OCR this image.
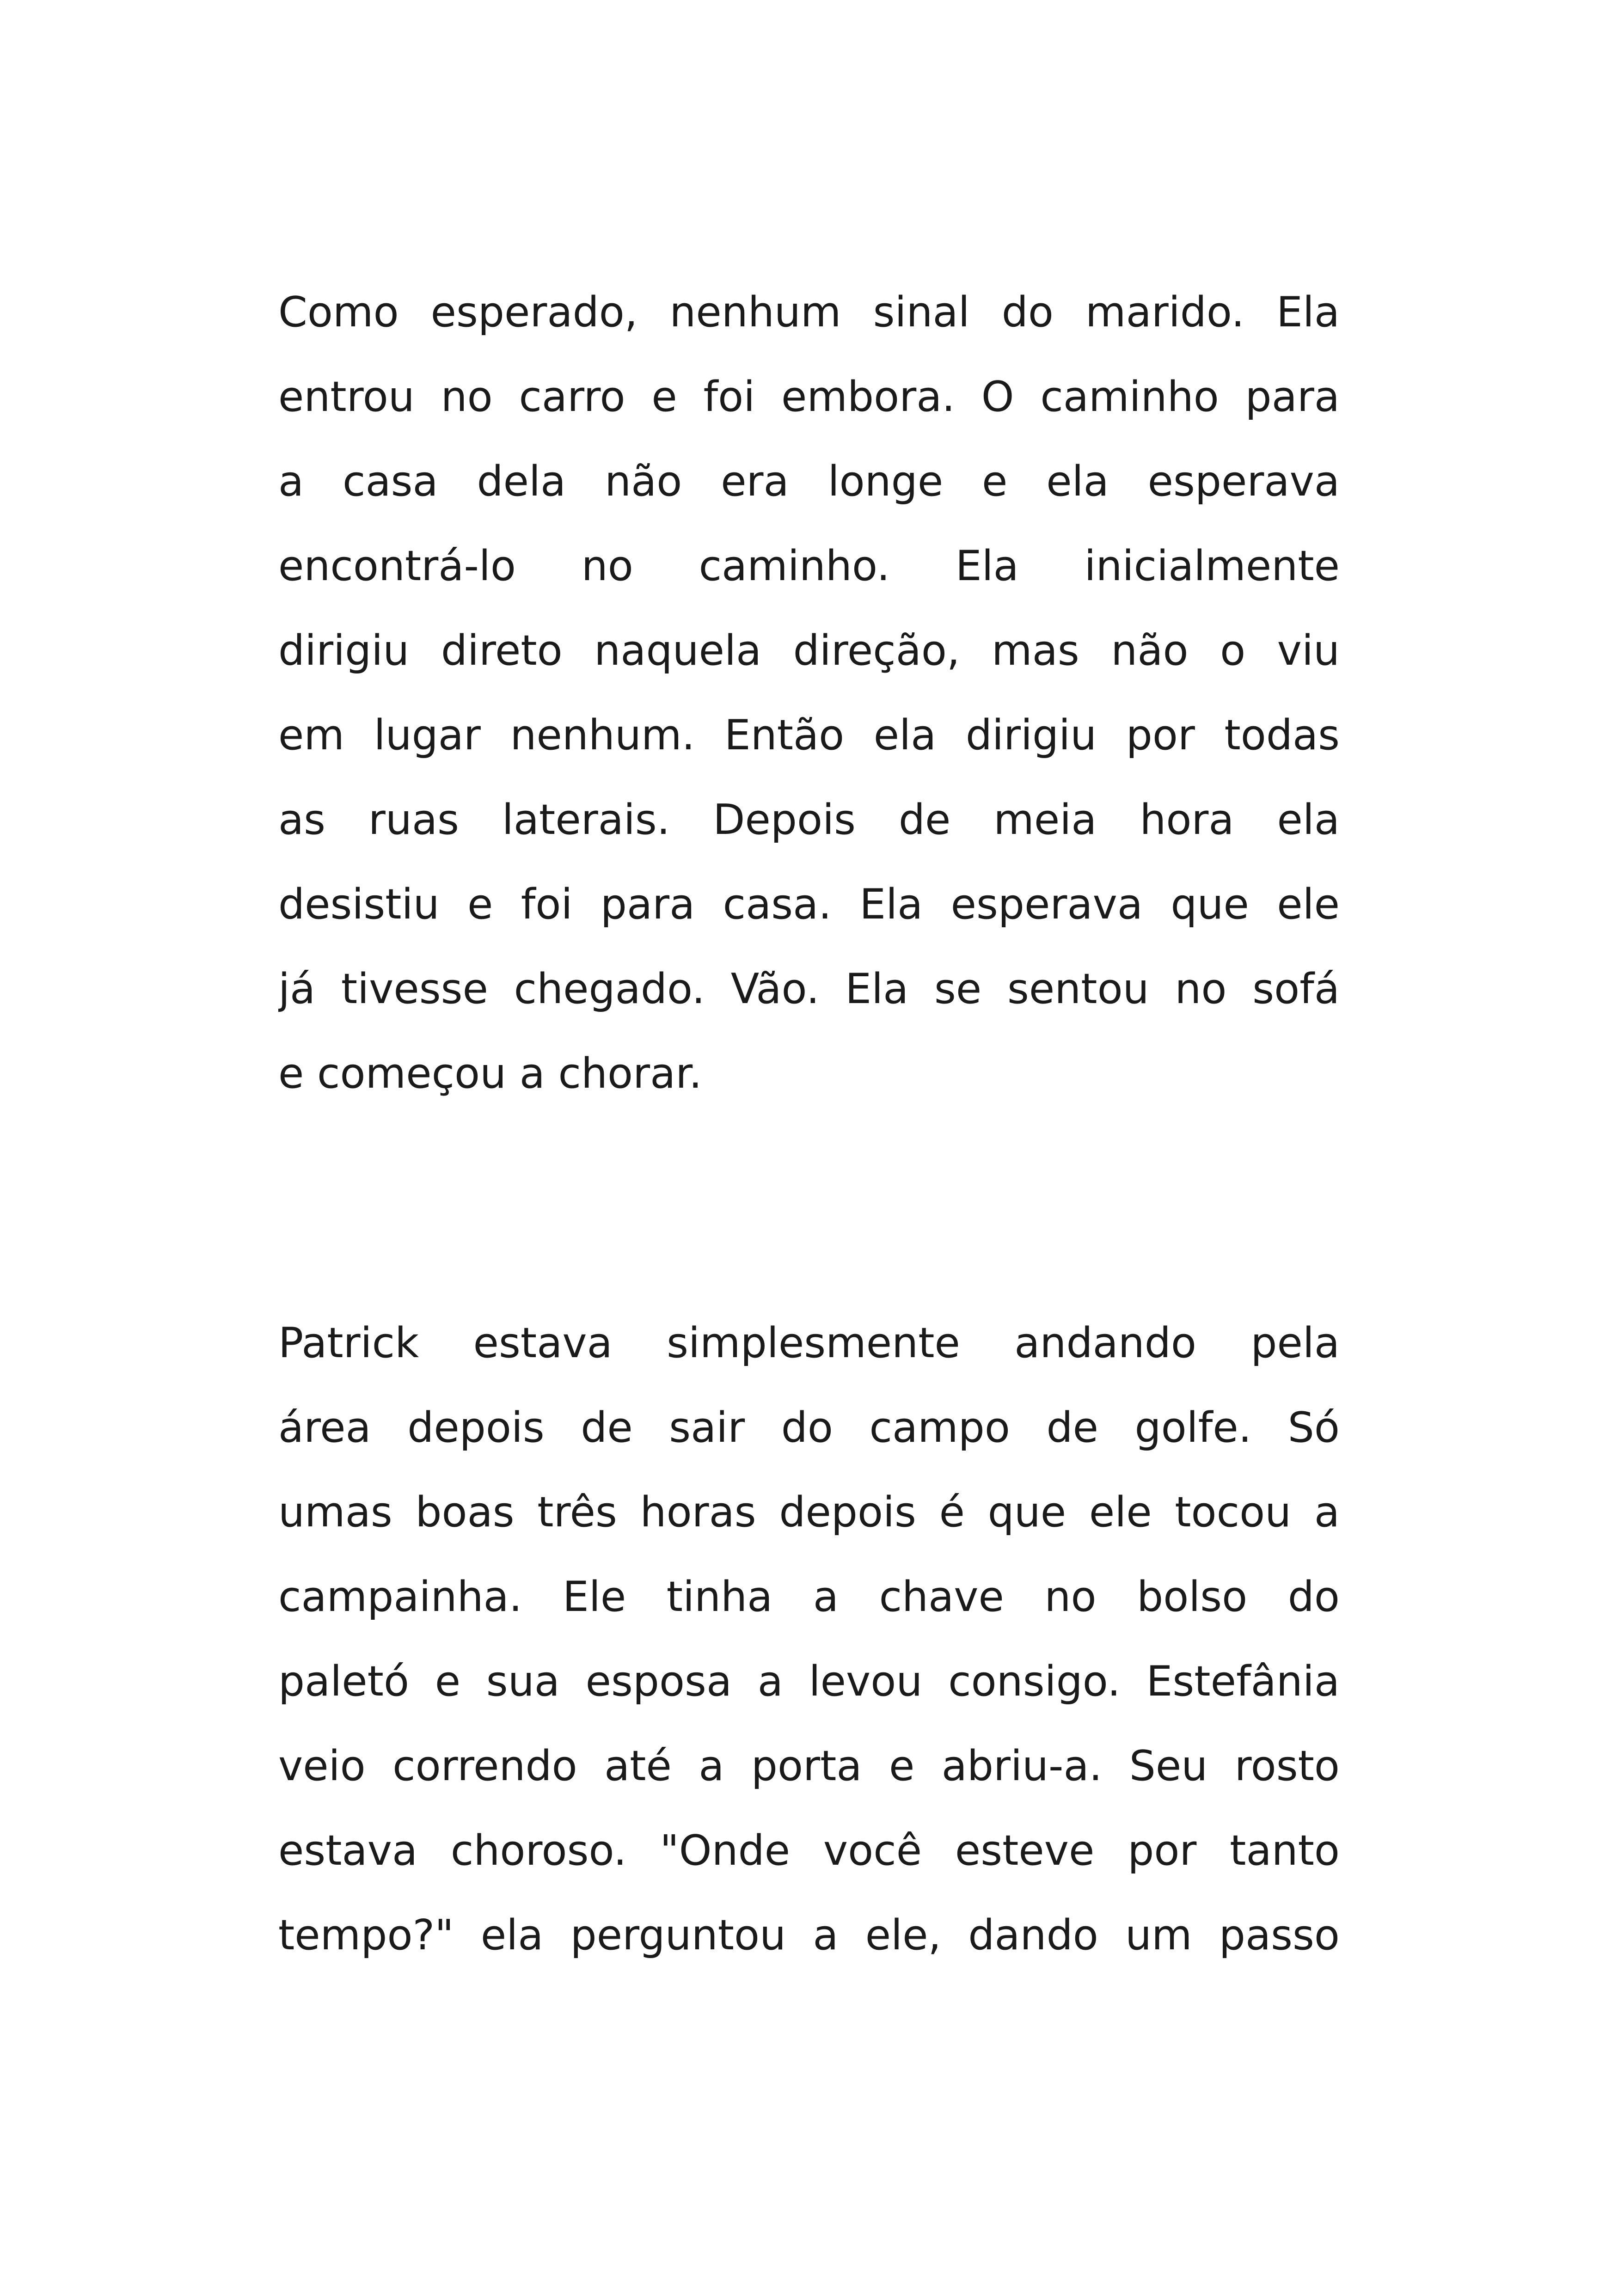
Como esperado, nenhum sinal do marido. Ela
entrou no carro e foi embora. O caminho para
a casa dela não era longe e ela esperava
encontrá-lo no caminho. Ela inicialmente
dirigiu direto naquela direção, mas não o viu
em lugar nenhum. Então ela dirigiu por todas
as ruas laterais. Depois de meia hora ela
desistiu e foi para casa. Ela esperava que ele
já tivesse chegado. Vão. Ela se sentou no sofá
e começou a chorar.
Patrick estava simplesmente andando pela
área depois de sair do campo de golfe. Só
umas boas três horas depois é que ele tocou a
campainha. Ele tinha a chave no bolso do
paletó e sua esposa a levou consigo. Estefânia
veio correndo até a porta e abriu-a. Seu rosto
estava choroso. "Onde você esteve por tanto
tempo?" ela perguntou a ele, dando um passo
